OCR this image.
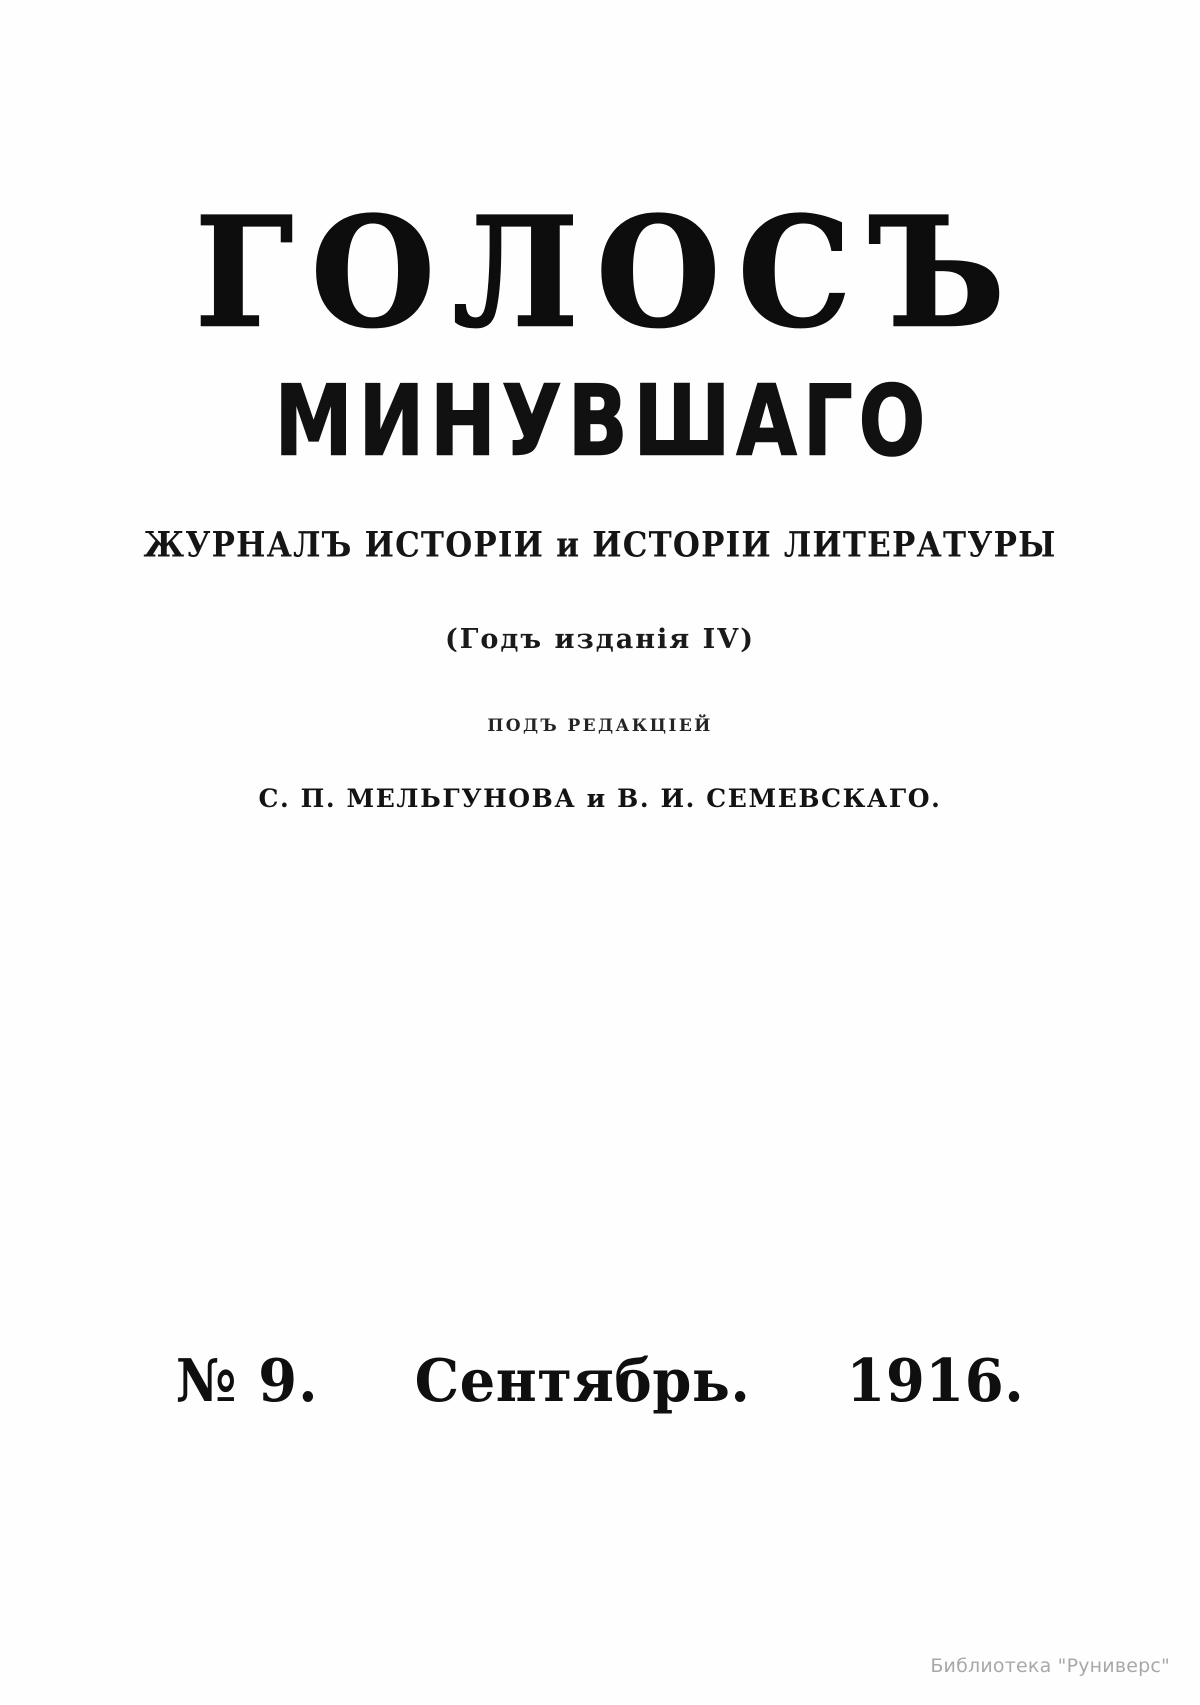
ГОЛОСЪ
МИНУВШАГО
ЖУРНАЛЪ ИСТОРIИ и ИСТОРIИ ЛИТЕРАТУРЫ
(Годъ изданiя IV)
ПОДЪ РЕДАКЦIЕЙ
С. П. МЕЛЬГУНОВА и В. И. СЕМЕВСКАГО.
№ 9. Сентябрь. 1916.
Библиотека "Руниверс"
